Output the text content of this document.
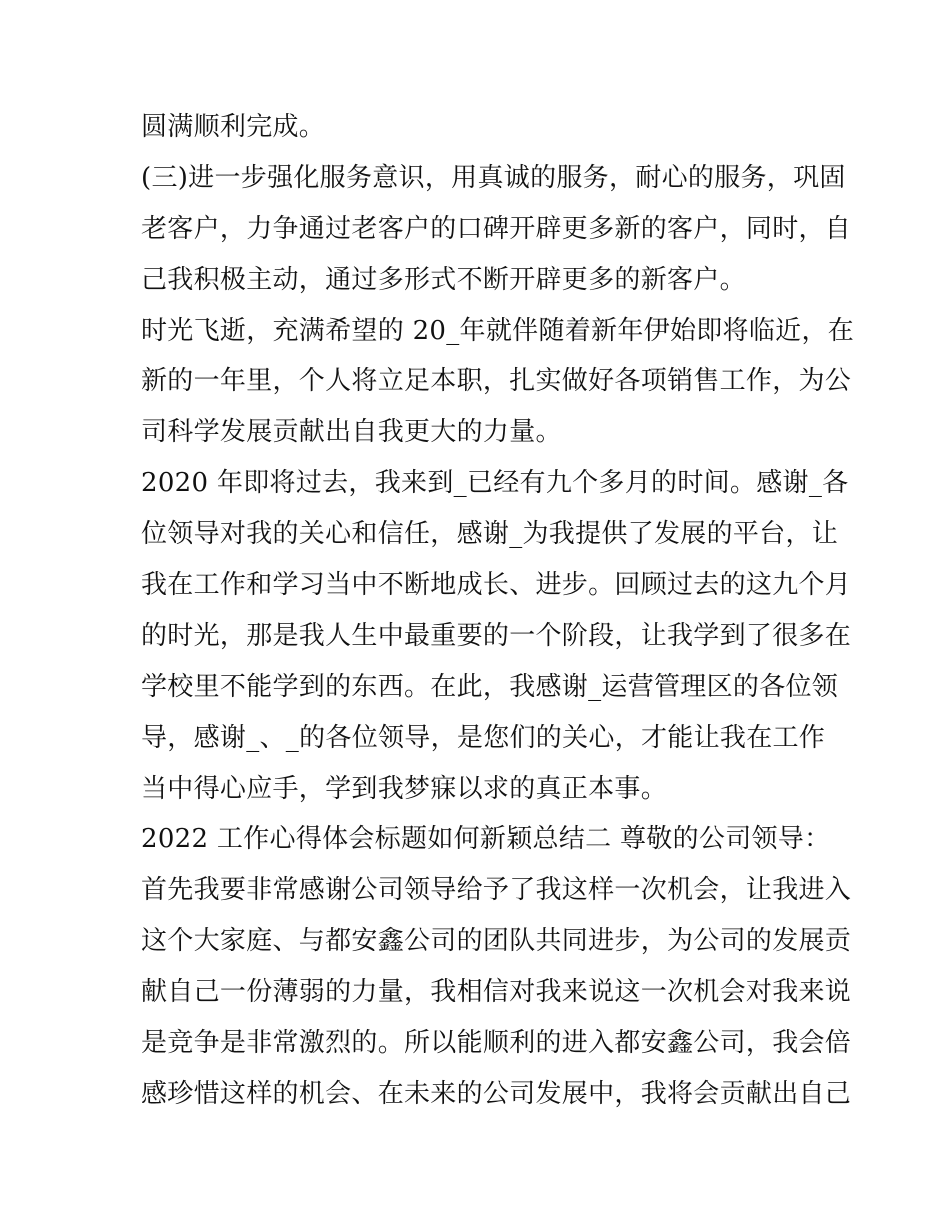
圆满顺利完成。
(三)进一步强化服务意识，用真诚的服务，耐心的服务，巩固
老客户，力争通过老客户的口碑开辟更多新的客户，同时，自
己我积极主动，通过多形式不断开辟更多的新客户。
时光飞逝，充满希望的 20_年就伴随着新年伊始即将临近，在
新的一年里，个人将立足本职，扎实做好各项销售工作，为公
司科学发展贡献出自我更大的力量。
2020 年即将过去，我来到_已经有九个多月的时间。感谢_各
位领导对我的关心和信任，感谢_为我提供了发展的平台，让
我在工作和学习当中不断地成长、进步。回顾过去的这九个月
的时光，那是我人生中最重要的一个阶段，让我学到了很多在
学校里不能学到的东西。在此，我感谢_运营管理区的各位领
导，感谢_、_的各位领导，是您们的关心，才能让我在工作
当中得心应手，学到我梦寐以求的真正本事。
2022 工作心得体会标题如何新颖总结二 尊敬的公司领导：
首先我要非常感谢公司领导给予了我这样一次机会，让我进入
这个大家庭、与都安鑫公司的团队共同进步，为公司的发展贡
献自己一份薄弱的力量，我相信对我来说这一次机会对我来说
是竞争是非常激烈的。所以能顺利的进入都安鑫公司，我会倍
感珍惜这样的机会、在未来的公司发展中，我将会贡献出自己
